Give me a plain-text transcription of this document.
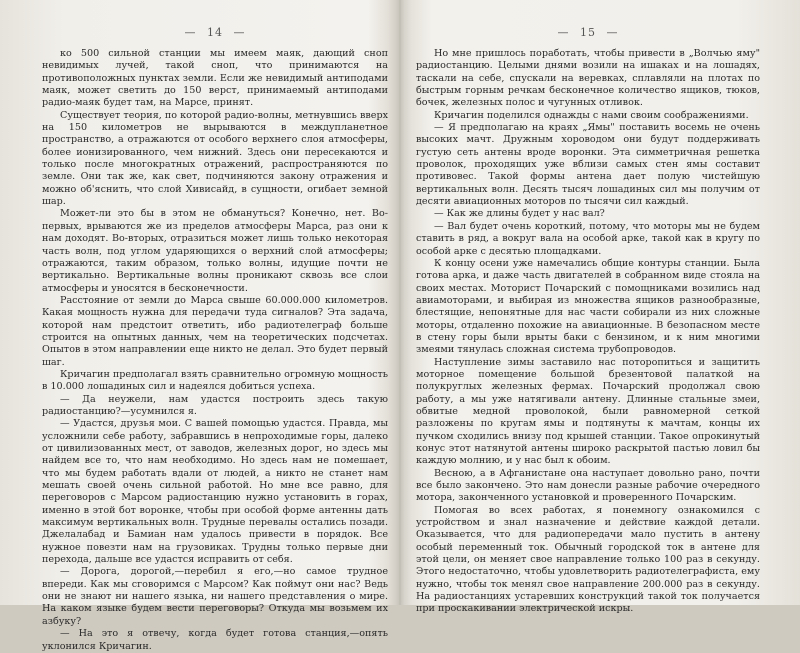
— 14 —

ко 500 сильной станции мы имеем маяк, дающий сноп невидимых лучей, такой сноп, что принимаются на противоположных пунктах земли. Если же невидимый антиподами маяк, может светить до 150 верст, принимаемый антиподами радио-маяк будет там, на Марсе, принят.

Существует теория, по которой радио-волны, метнувшись вверх на 150 километров не вырываются в междупланетное пространство, а отражаются от особого верхнего слоя атмосферы, более ионизированного, чем нижний. Здесь они пересекаются и только после многократных отражений, распространяются по земле. Они так же, как свет, подчиняются закону отражения и можно об'яснить, что слой Хивисайд, в сущности, огибает земной шар.

Может-ли это бы в этом не обмануться? Конечно, нет. Во-первых, врываются же из пределов атмосферы Марса, раз они к нам доходят. Во-вторых, отразиться может лишь только некоторая часть волн, под углом ударяющихся о верхний слой атмосферы; отражаются, таким образом, только волны, идущие почти не вертикально. Вертикальные волны проникают сквозь все слои атмосферы и уносятся в бесконечности.

Расстояние от земли до Марса свыше 60.000.000 километров. Какая мощность нужна для передачи туда сигналов? Эта задача, которой нам предстоит ответить, ибо радиотелеграф больше строится на опытных данных, чем на теоретических подсчетах. Опытов в этом направлении еще никто не делал. Это будет первый шаг.

Кричагин предполагал взять сравнительно огромную мощность в 10.000 лошадиных сил и надеялся добиться успеха.

— Да неужели, нам удастся построить здесь такую радиостанцию?—усумнился я.

— Удастся, друзья мои. С вашей помощью удастся. Правда, мы усложнили себе работу, забравшись в непроходимые горы, далеко от цивилизованных мест, от заводов, железных дорог, но здесь мы найдем все то, что нам необходимо. Но здесь нам не помешает, что мы будем работать вдали от людей, а никто не станет нам мешать своей очень сильной работой. Но мне все равно, для переговоров с Марсом радиостанцию нужно установить в горах, именно в этой бот воронке, чтобы при особой форме антенны дать максимум вертикальных волн. Трудные перевалы остались позади. Джелалабад и Бамиан нам удалось привести в порядок. Все нужное повезти нам на грузовиках. Трудны только первые дни перехода, дальше все удастся исправить от себя.

— Дорога, дорогой,—перебил я его,—но самое трудное впереди. Как мы сговоримся с Марсом? Как поймут они нас? Ведь они не знают ни нашего языка, ни нашего представления о мире. На каком языке будем вести переговоры? Откуда мы возьмем их азбуку?

— На это я отвечу, когда будет готова станция,—опять уклонился Кричагин.

— 15 —

Но мне пришлось поработать, чтобы привести в „Волчью яму" радиостанцию. Целыми днями возили на ишаках и на лошадях, таскали на себе, спускали на веревках, сплавляли на плотах по быстрым горным речкам бесконечное количество ящиков, тюков, бочек, железных полос и чугунных отливок.

Кричагин поделился однажды с нами своим соображениями.

— Я предполагаю на краях „Ямы" поставить восемь не очень высоких мачт. Дружным хороводом они будут поддерживать густую сеть антены вроде воронки. Эта симметричная решетка проволок, проходящих уже вблизи самых стен ямы составит противовес. Такой формы антена дает полую чистейшую вертикальных волн. Десять тысяч лошадиных сил мы получим от десяти авиационных моторов по тысячи сил каждый.

— Как же длины будет у нас вал?

— Вал будет очень короткий, потому, что моторы мы не будем ставить в ряд, а вокруг вала на особой арке, такой как в кругу по особой арке с десятью площадками.

К концу осени уже намечались общие контуры станции. Была готова арка, и даже часть двигателей в собранном виде стояла на своих местах. Моторист Почарский с помощниками возились над авиамоторами, и выбирая из множества ящиков разнообразные, блестящие, непонятные для нас части собирали из них сложные моторы, отдаленно похожие на авиационные. В безопасном месте в стену горы были врыты баки с бензином, и к ним многими змеями тянулась сложная система трубопроводов.

Наступление зимы заставило нас поторопиться и защитить моторное помещение большой брезентовой палаткой на полукруглых железных фермах. Почарский продолжал свою работу, а мы уже натягивали антену. Длинные стальные змеи, обвитые медной проволокой, были равномерной сеткой разложены по кругам ямы и подтянуты к мачтам, концы их пучком сходились внизу под крышей станции. Такое опрокинутый конус этот натянутой антены широко раскрытой пастью ловил бы каждую молнию, и у нас был к обоим.

Весною, а в Афганистане она наступает довольно рано, почти все было закончено. Это нам донесли разные рабочие очередного мотора, законченного установкой и проверенного Почарским.

Помогая во всех работах, я понемногу ознакомился с устройством и знал назначение и действие каждой детали. Оказывается, что для радиопередачи мало пустить в антену особый переменный ток. Обычный городской ток в антене для этой цели, он меняет свое направление только 100 раз в секунду. Этого недостаточно, чтобы удовлетворить радиотелеграфиста, ему нужно, чтобы ток менял свое направление 200.000 раз в секунду. На радиостанциях устаревших конструкций такой ток получается при проскакивании электрической искры.
